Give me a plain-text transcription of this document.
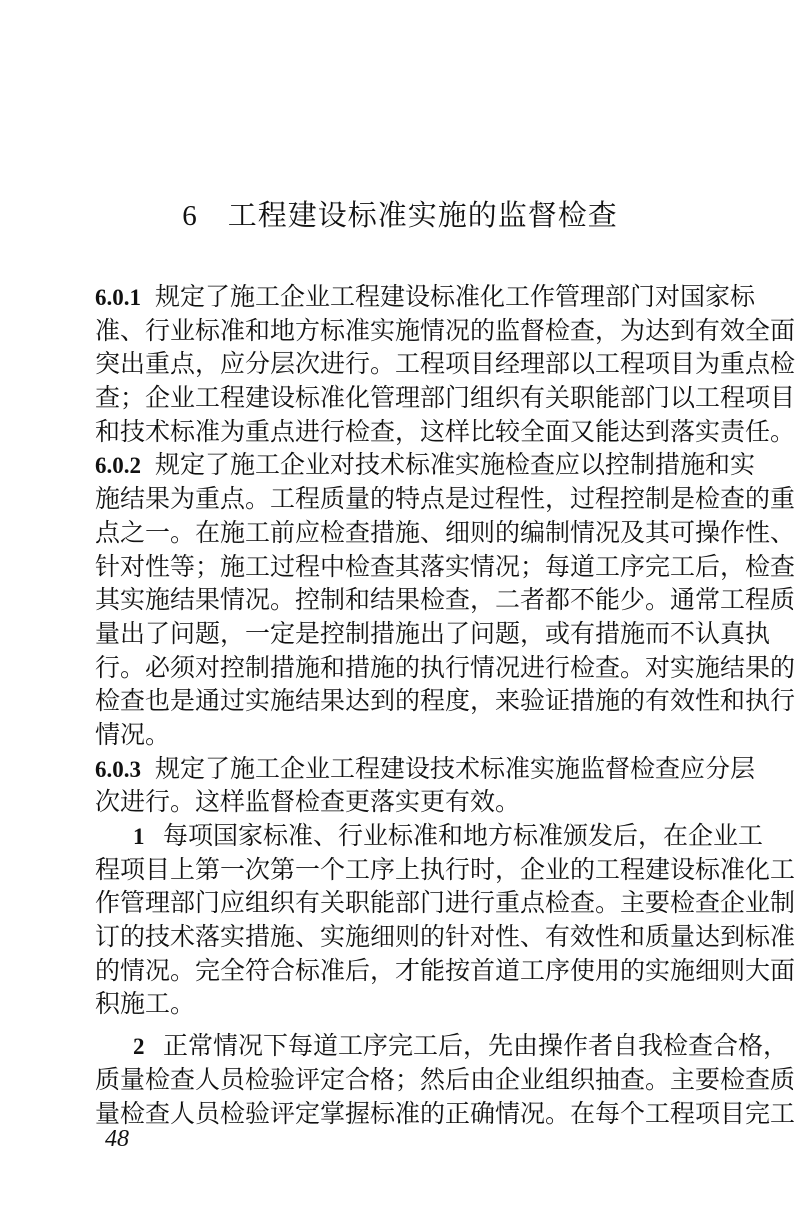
6 工程建设标准实施的监督检查
6.0.1 规定了施工企业工程建设标准化工作管理部门对国家标
准、行业标准和地方标准实施情况的监督检查，为达到有效全面
突出重点，应分层次进行。工程项目经理部以工程项目为重点检
查；企业工程建设标准化管理部门组织有关职能部门以工程项目
和技术标准为重点进行检查，这样比较全面又能达到落实责任。
6.0.2 规定了施工企业对技术标准实施检查应以控制措施和实
施结果为重点。工程质量的特点是过程性，过程控制是检查的重
点之一。在施工前应检查措施、细则的编制情况及其可操作性、
针对性等；施工过程中检查其落实情况；每道工序完工后，检查
其实施结果情况。控制和结果检查，二者都不能少。通常工程质
量出了问题，一定是控制措施出了问题，或有措施而不认真执
行。必须对控制措施和措施的执行情况进行检查。对实施结果的
检查也是通过实施结果达到的程度，来验证措施的有效性和执行
情况。
6.0.3 规定了施工企业工程建设技术标准实施监督检查应分层
次进行。这样监督检查更落实更有效。
1 每项国家标准、行业标准和地方标准颁发后，在企业工
程项目上第一次第一个工序上执行时，企业的工程建设标准化工
作管理部门应组织有关职能部门进行重点检查。主要检查企业制
订的技术落实措施、实施细则的针对性、有效性和质量达到标准
的情况。完全符合标准后，才能按首道工序使用的实施细则大面
积施工。
2 正常情况下每道工序完工后，先由操作者自我检查合格，
质量检查人员检验评定合格；然后由企业组织抽查。主要检查质
量检查人员检验评定掌握标准的正确情况。在每个工程项目完工
48
